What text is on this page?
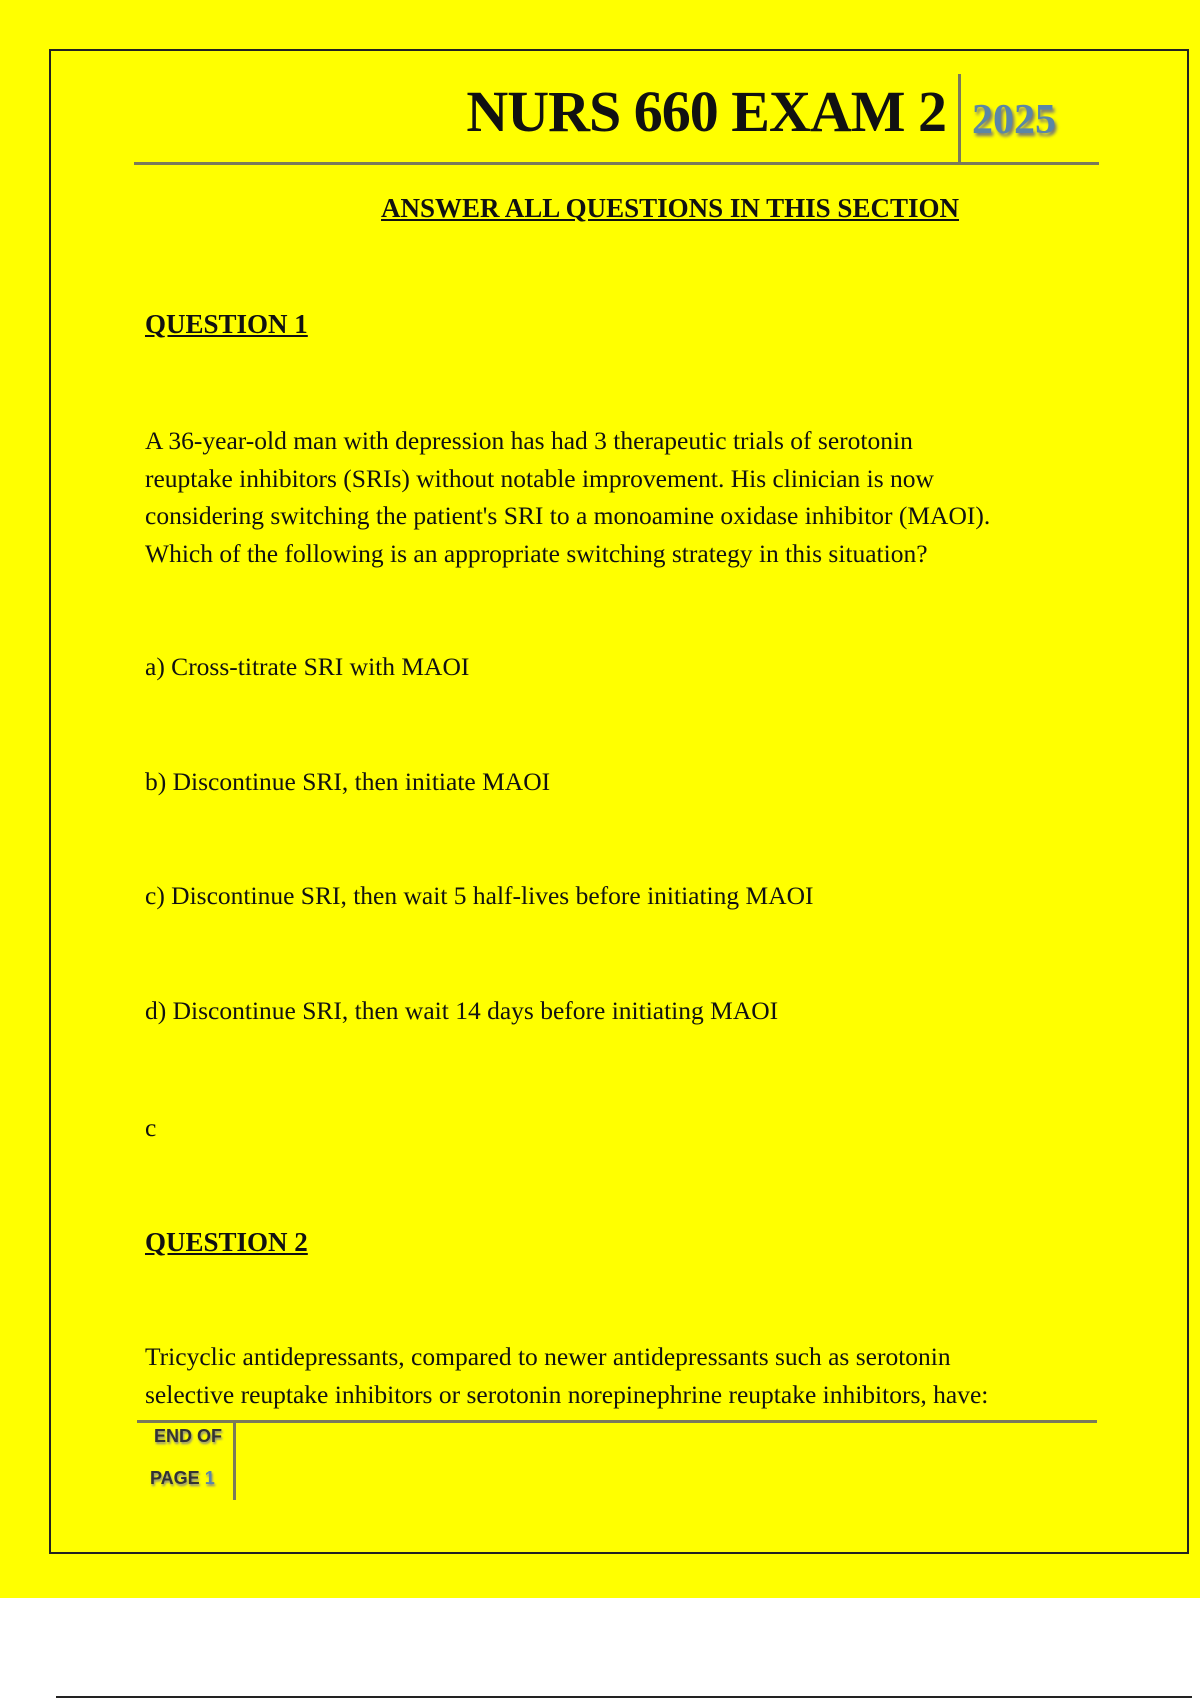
NURS 660 EXAM 2 2025
ANSWER ALL QUESTIONS IN THIS SECTION
QUESTION 1
A 36-year-old man with depression has had 3 therapeutic trials of serotonin
reuptake inhibitors (SRIs) without notable improvement. His clinician is now
considering switching the patient's SRI to a monoamine oxidase inhibitor (MAOI).
Which of the following is an appropriate switching strategy in this situation?
a) Cross-titrate SRI with MAOI
b) Discontinue SRI, then initiate MAOI
c) Discontinue SRI, then wait 5 half-lives before initiating MAOI
d) Discontinue SRI, then wait 14 days before initiating MAOI
c
QUESTION 2
Tricyclic antidepressants, compared to newer antidepressants such as serotonin
selective reuptake inhibitors or serotonin norepinephrine reuptake inhibitors, have:
END OF
PAGE 1
